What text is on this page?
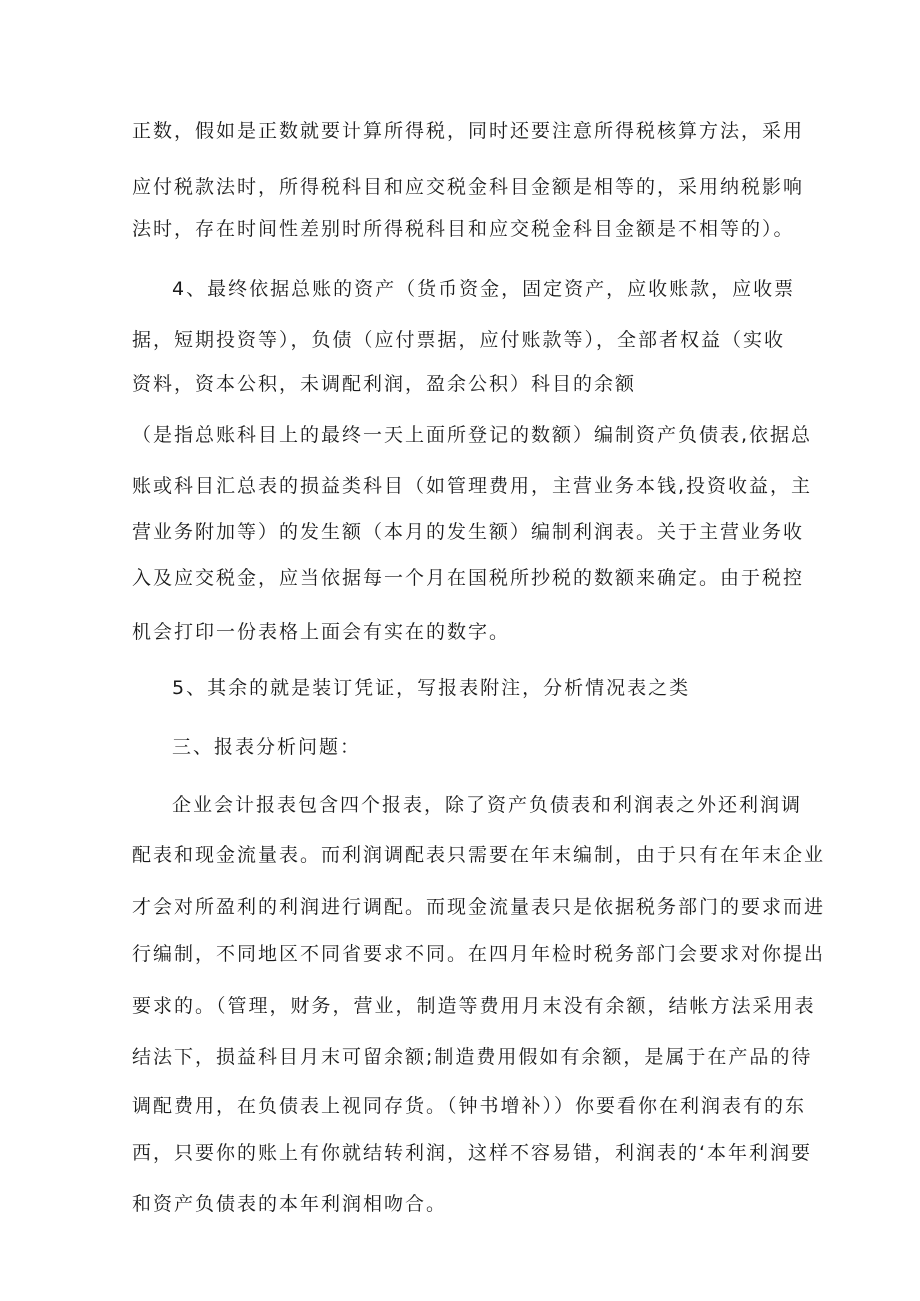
正数，假如是正数就要计算所得税，同时还要注意所得税核算方法，采用

应付税款法时，所得税科目和应交税金科目金额是相等的，采用纳税影响

法时，存在时间性差别时所得税科目和应交税金科目金额是不相等的）。

4、最终依据总账的资产（货币资金，固定资产，应收账款，应收票

据，短期投资等），负债（应付票据，应付账款等），全部者权益（实收

资料，资本公积，未调配利润，盈余公积）科目的余额

（是指总账科目上的最终一天上面所登记的数额）编制资产负债表,依据总

账或科目汇总表的损益类科目（如管理费用，主营业务本钱,投资收益，主

营业务附加等）的发生额（本月的发生额）编制利润表。关于主营业务收

入及应交税金，应当依据每一个月在国税所抄税的数额来确定。由于税控

机会打印一份表格上面会有实在的数字。

5、其余的就是装订凭证，写报表附注，分析情况表之类

三、报表分析问题：

企业会计报表包含四个报表，除了资产负债表和利润表之外还利润调

配表和现金流量表。而利润调配表只需要在年末编制，由于只有在年末企业

才会对所盈利的利润进行调配。而现金流量表只是依据税务部门的要求而进

行编制，不同地区不同省要求不同。在四月年检时税务部门会要求对你提出

要求的。（管理，财务，营业，制造等费用月末没有余额，结帐方法采用表

结法下，损益科目月末可留余额;制造费用假如有余额，是属于在产品的待

调配费用，在负债表上视同存货。（钟书增补））你要看你在利润表有的东

西，只要你的账上有你就结转利润，这样不容易错，利润表的‘本年利润要

和资产负债表的本年利润相吻合。
